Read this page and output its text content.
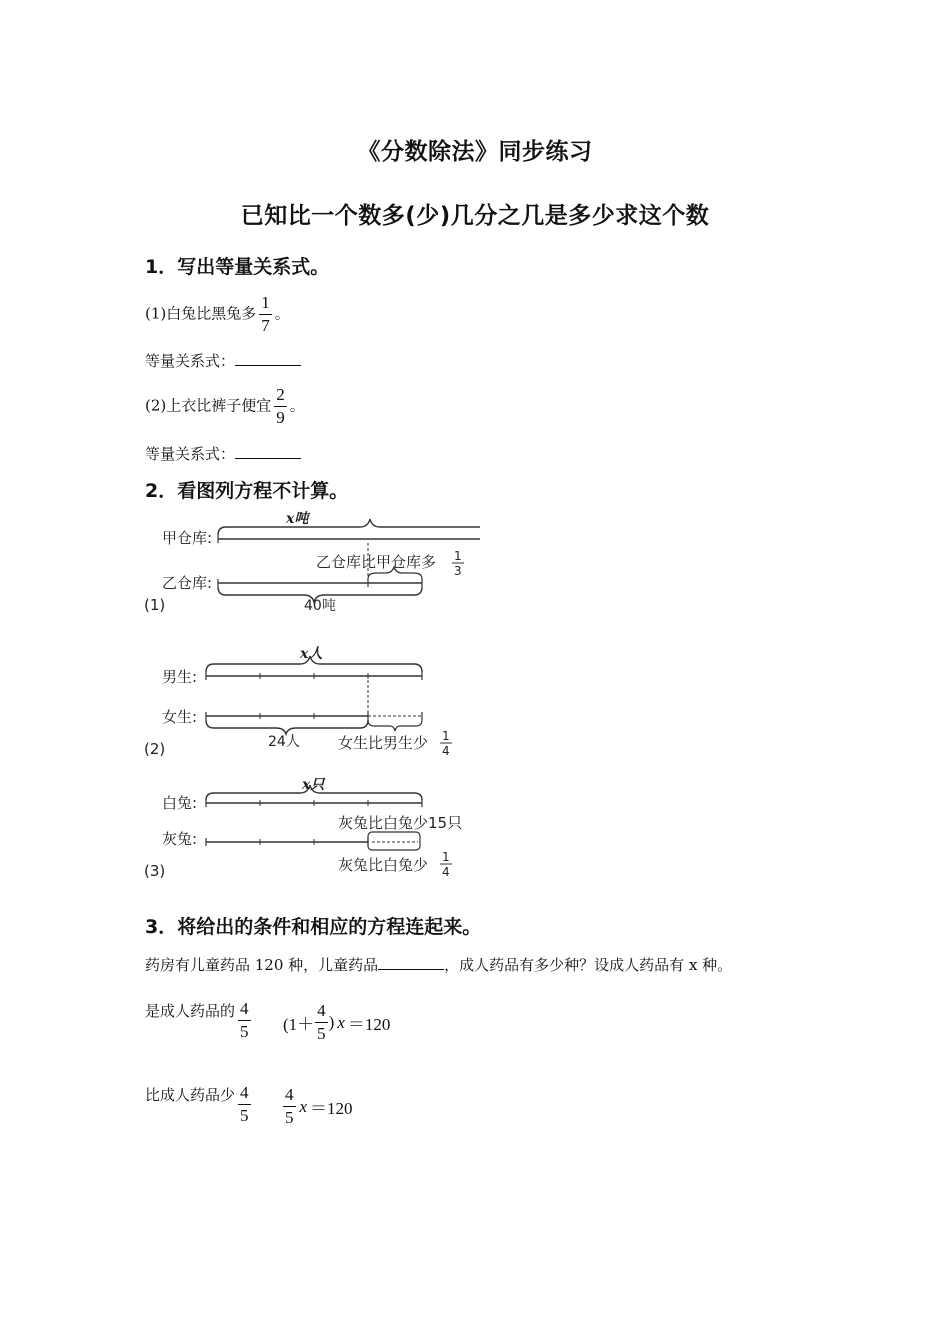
《分数除法》同步练习
已知比一个数多(少)几分之几是多少求这个数
1．写出等量关系式。
(1)白兔比黑兔多 $\frac{1}{7}$ 。
等量关系式：
(2)上衣比裤子便宜 $\frac{2}{9}$ 。
等量关系式：
2．看图列方程不计算。
甲仓库:
乙仓库:
x吨
乙仓库比甲仓库多 1
3
40吨
(1)
x人
男生:
女生:
24人	女生比男生少 1
4
(2)
x只
白兔:
灰兔比白兔少15只
灰兔:
灰兔比白兔少 1
4
(3)
3．将给出的条件和相应的方程连起来。
药房有儿童药品 120 种，儿童药品	，成人药品有多少种？设成人药品有 x 种。
是成人药品的 $\frac{4}{5} (1+ \frac{4}{5}$ ) x ＝120
比成人药品少 $\frac{4}{5} \frac{4}{5}$ x ＝120
